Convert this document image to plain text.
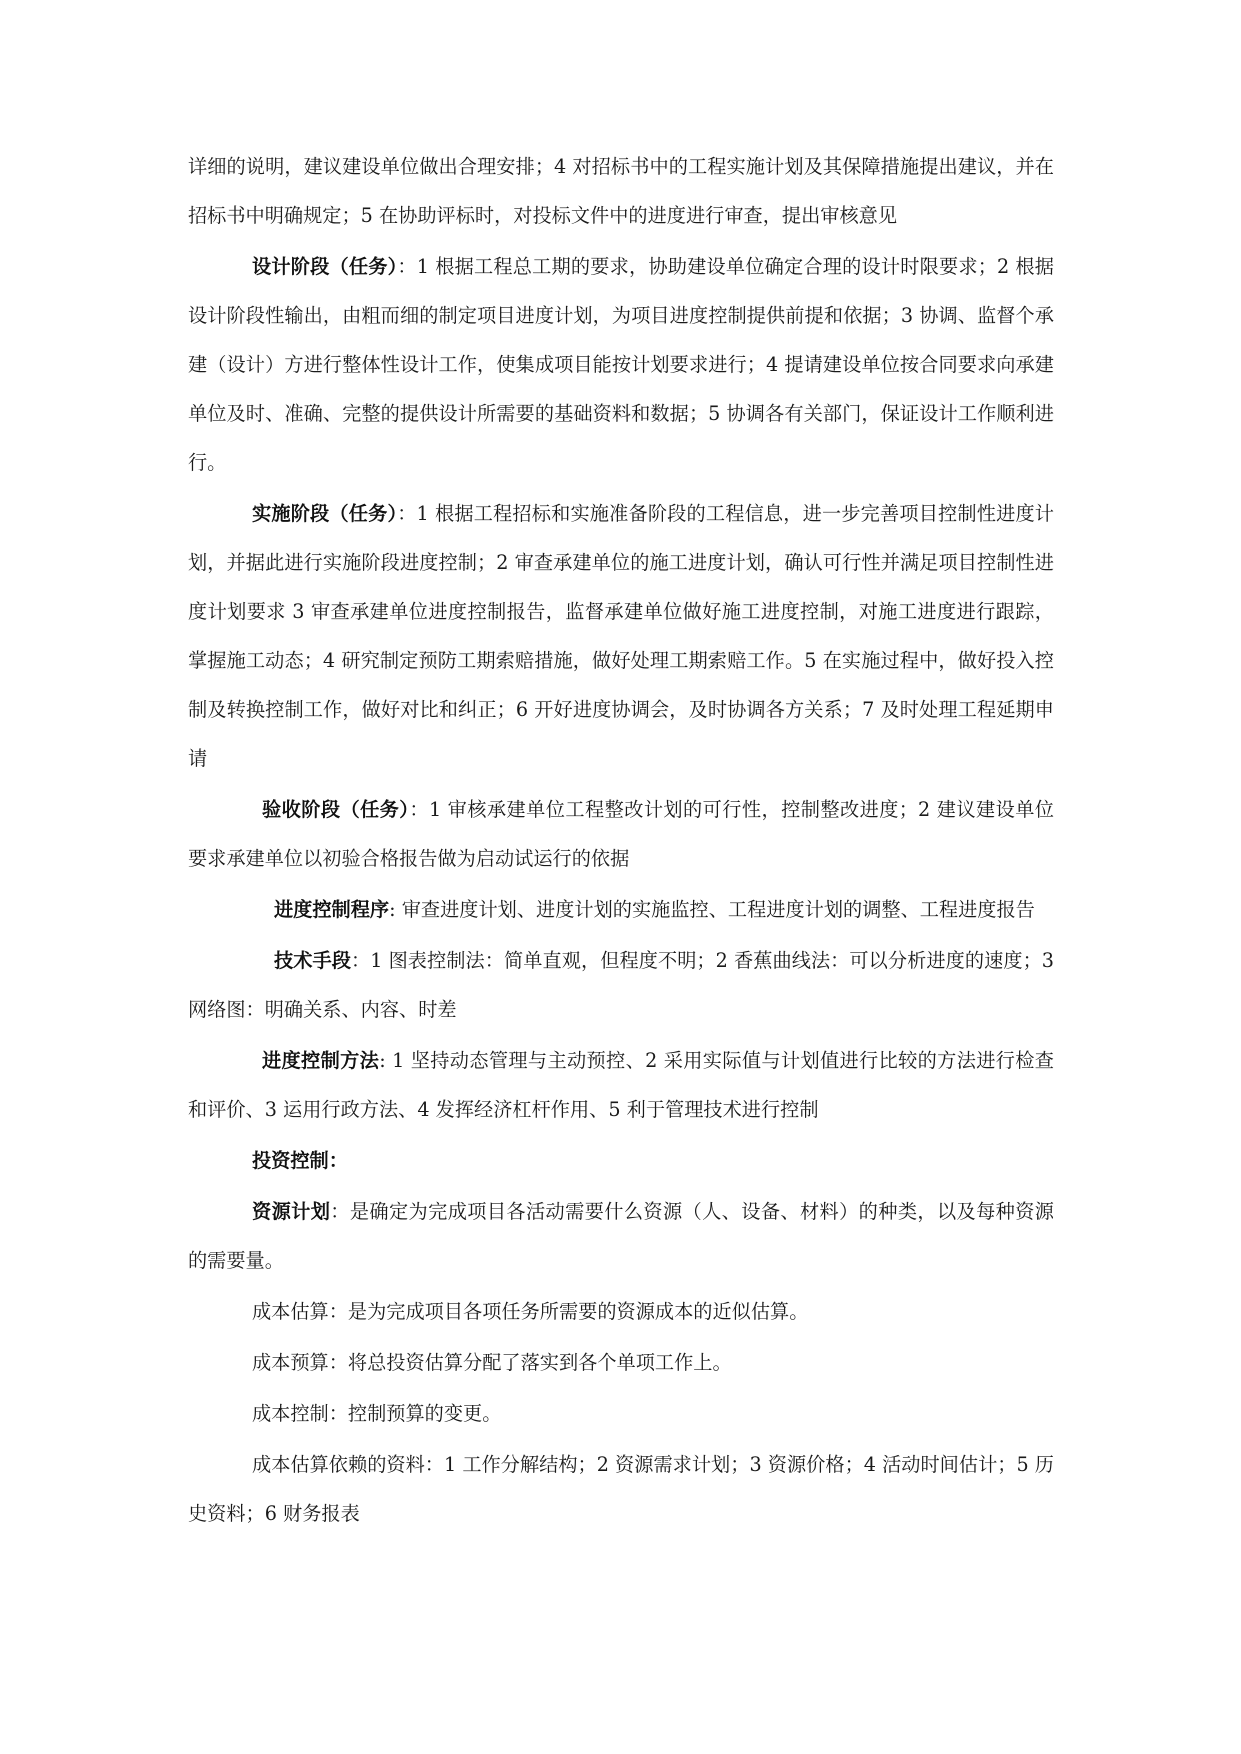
详细的说明，建议建设单位做出合理安排；4 对招标书中的工程实施计划及其保障措施提出建议，并在招标书中明确规定；5 在协助评标时，对投标文件中的进度进行审查，提出审核意见

设计阶段（任务）：1 根据工程总工期的要求，协助建设单位确定合理的设计时限要求；2 根据设计阶段性输出，由粗而细的制定项目进度计划，为项目进度控制提供前提和依据；3 协调、监督个承建（设计）方进行整体性设计工作，使集成项目能按计划要求进行；4 提请建设单位按合同要求向承建单位及时、准确、完整的提供设计所需要的基础资料和数据；5 协调各有关部门，保证设计工作顺利进行。

实施阶段（任务）：1 根据工程招标和实施准备阶段的工程信息，进一步完善项目控制性进度计划，并据此进行实施阶段进度控制；2 审查承建单位的施工进度计划，确认可行性并满足项目控制性进度计划要求 3 审查承建单位进度控制报告，监督承建单位做好施工进度控制，对施工进度进行跟踪，掌握施工动态；4 研究制定预防工期索赔措施，做好处理工期索赔工作。5 在实施过程中，做好投入控制及转换控制工作，做好对比和纠正；6 开好进度协调会，及时协调各方关系；7 及时处理工程延期申请

验收阶段（任务）：1 审核承建单位工程整改计划的可行性，控制整改进度；2 建议建设单位要求承建单位以初验合格报告做为启动试运行的依据

进度控制程序: 审查进度计划、进度计划的实施监控、工程进度计划的调整、工程进度报告

技术手段：1 图表控制法：简单直观，但程度不明；2 香蕉曲线法：可以分析进度的速度；3 网络图：明确关系、内容、时差

进度控制方法: 1 坚持动态管理与主动预控、2 采用实际值与计划值进行比较的方法进行检查和评价、3 运用行政方法、4 发挥经济杠杆作用、5 利于管理技术进行控制

投资控制：

资源计划：是确定为完成项目各活动需要什么资源（人、设备、材料）的种类，以及每种资源的需要量。

成本估算：是为完成项目各项任务所需要的资源成本的近似估算。

成本预算：将总投资估算分配了落实到各个单项工作上。

成本控制：控制预算的变更。

成本估算依赖的资料：1 工作分解结构；2 资源需求计划；3 资源价格；4 活动时间估计；5 历史资料；6 财务报表
